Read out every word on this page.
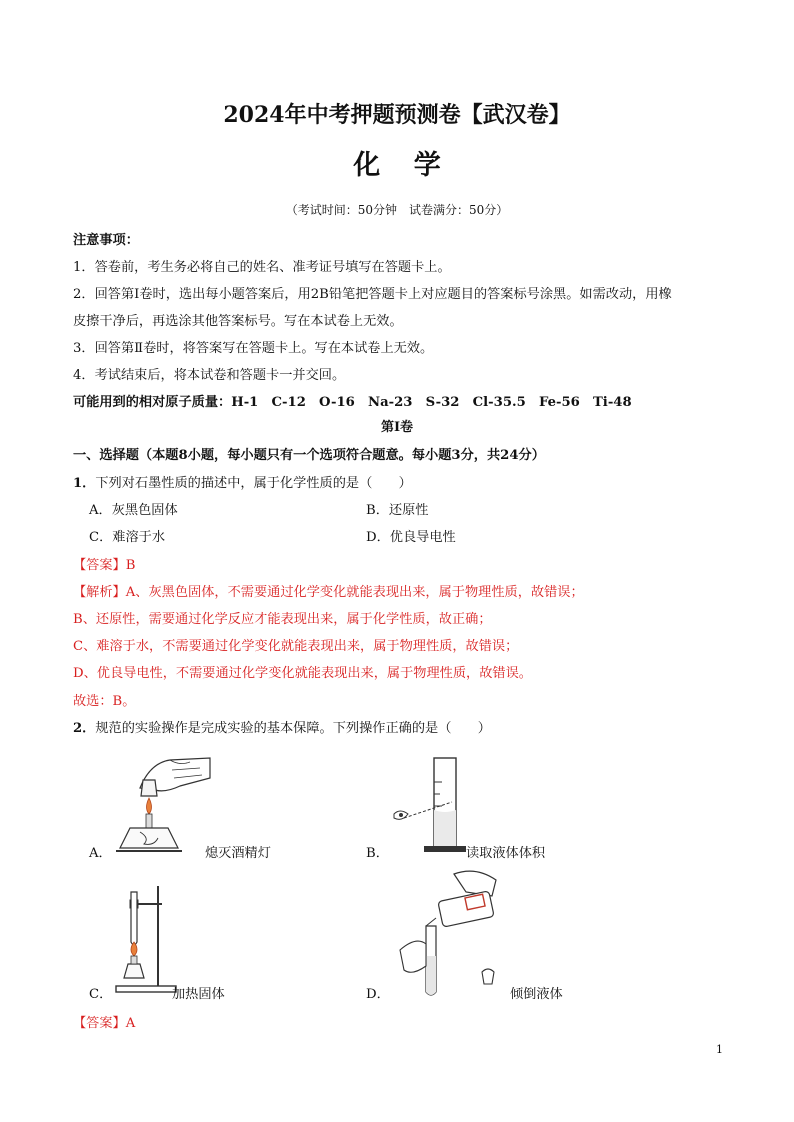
2024年中考押题预测卷【武汉卷】
化 学
（考试时间：50分钟　试卷满分：50分）
注意事项：
1．答卷前，考生务必将自己的姓名、准考证号填写在答题卡上。
2．回答第Ⅰ卷时，选出每小题答案后，用2B铅笔把答题卡上对应题目的答案标号涂黑。如需改动，用橡
皮擦干净后，再选涂其他答案标号。写在本试卷上无效。
3．回答第Ⅱ卷时，将答案写在答题卡上。写在本试卷上无效。
4．考试结束后，将本试卷和答题卡一并交回。
可能用到的相对原子质量：H-1　C-12　O-16　Na-23　S-32　Cl-35.5　Fe-56　Ti-48
第Ⅰ卷
一、选择题（本题8小题，每小题只有一个选项符合题意。每小题3分，共24分）
1．下列对石墨性质的描述中，属于化学性质的是（　　）
A．灰黑色固体	B．还原性
C．难溶于水	D．优良导电性
【答案】B
【解析】A、灰黑色固体，不需要通过化学变化就能表现出来，属于物理性质，故错误；
B、还原性，需要通过化学反应才能表现出来，属于化学性质，故正确；
C、难溶于水，不需要通过化学变化就能表现出来，属于物理性质，故错误；
D、优良导电性，不需要通过化学变化就能表现出来，属于物理性质，故错误。
故选：B。
2．规范的实验操作是完成实验的基本保障。下列操作正确的是（　　）
A．	熄灭酒精灯	B．	读取液体体积
C．	加热固体	D．	倾倒液体
【答案】A
1
